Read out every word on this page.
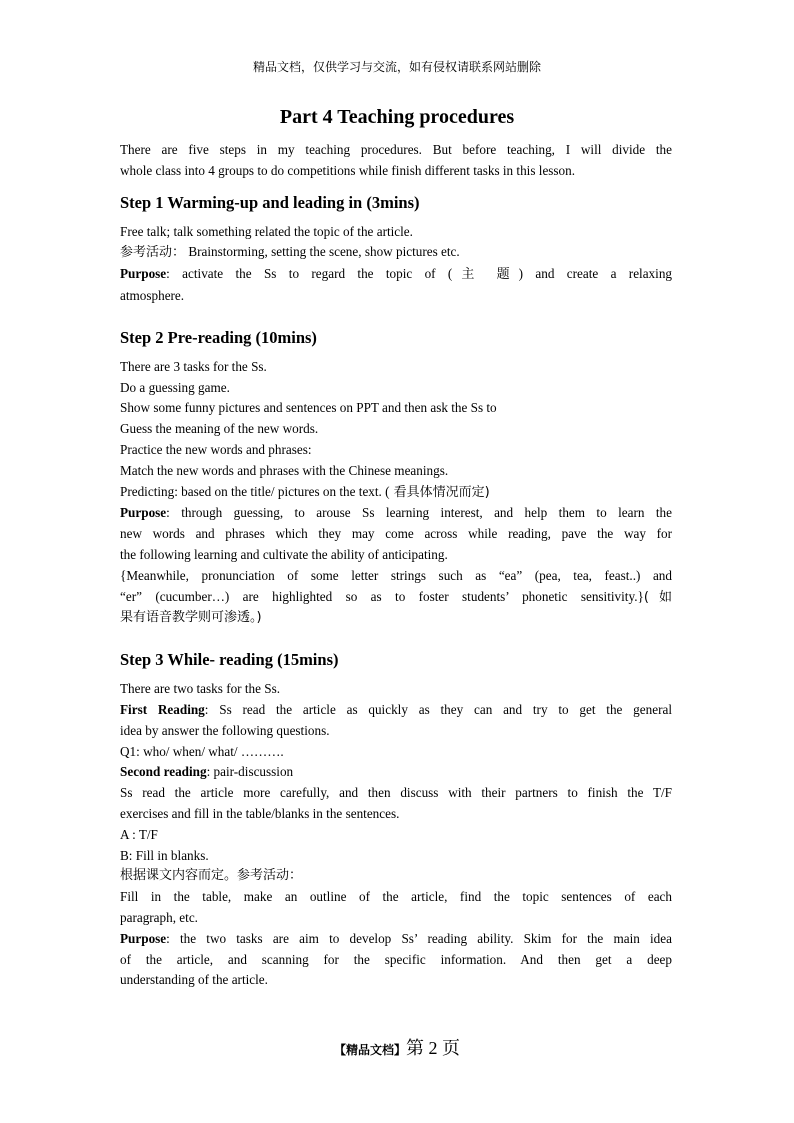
精品文档，仅供学习与交流，如有侵权请联系网站删除
Part 4 Teaching procedures

There are five steps in my teaching procedures. But before teaching, I will divide the

whole class into 4 groups to do competitions while finish different tasks in this lesson.

Step 1 Warming-up and leading in (3mins)

Free talk; talk something related the topic of the article.

参考活动： Brainstorming, setting the scene, show pictures etc.

Purpose: activate the Ss to regard the topic of (主 题) and create a relaxing

atmosphere.

Step 2 Pre-reading (10mins)

There are 3 tasks for the Ss.

Do a guessing game.

Show some funny pictures and sentences on PPT and then ask the Ss to

Guess the meaning of the new words.

Practice the new words and phrases:

Match the new words and phrases with the Chinese meanings.

Predicting: based on the title/ pictures on the text. ( 看具体情况而定)

Purpose: through guessing, to arouse Ss learning interest, and help them to learn the

new words and phrases which they may come across while reading, pave the way for

the following learning and cultivate the ability of anticipating.

{Meanwhile, pronunciation of some letter strings such as “ea” (pea, tea, feast..) and

“er” (cucumber…) are highlighted so as to foster students’ phonetic sensitivity.}(如

果有语音教学则可渗透。)

Step 3 While- reading (15mins)

There are two tasks for the Ss.

First Reading: Ss read the article as quickly as they can and try to get the general

idea by answer the following questions.

Q1: who/ when/ what/ ……….

Second reading: pair-discussion

Ss read the article more carefully, and then discuss with their partners to finish the T/F

exercises and fill in the table/blanks in the sentences.

A : T/F

B: Fill in blanks.

根据课文内容而定。参考活动：

Fill in the table, make an outline of the article, find the topic sentences of each

paragraph, etc.

Purpose: the two tasks are aim to develop Ss’ reading ability. Skim for the main idea

of the article, and scanning for the specific information. And then get a deep

understanding of the article.

【精品文档】第 2 页
